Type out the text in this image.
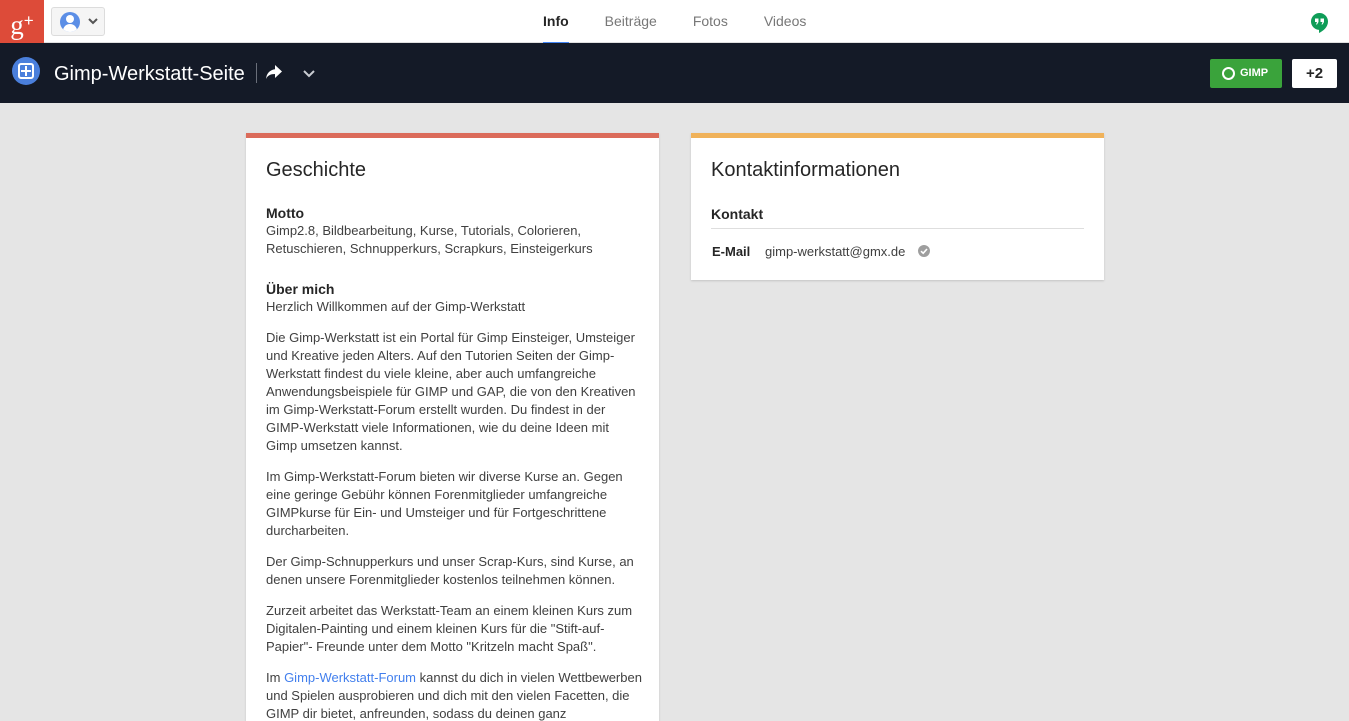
g+	Info	Beiträge	Fotos	Videos
Gimp-Werkstatt-Seite	GIMP	+2
Geschichte
Motto
Gimp2.8, Bildbearbeitung, Kurse, Tutorials, Colorieren, Retuschieren, Schnupperkurs, Scrapkurs, Einsteigerkurs
Über mich

Herzlich Willkommen auf der Gimp-Werkstatt

Die Gimp-Werkstatt ist ein Portal für Gimp Einsteiger, Umsteiger und Kreative jeden Alters. Auf den Tutorien Seiten der Gimp-Werkstatt findest du viele kleine, aber auch umfangreiche Anwendungsbeispiele für GIMP und GAP, die von den Kreativen im Gimp-Werkstatt-Forum erstellt wurden. Du findest in der GIMP-Werkstatt viele Informationen, wie du deine Ideen mit Gimp umsetzen kannst.

Im Gimp-Werkstatt-Forum bieten wir diverse Kurse an. Gegen eine geringe Gebühr können Forenmitglieder umfangreiche GIMPkurse für Ein- und Umsteiger und für Fortgeschrittene durcharbeiten.

Der Gimp-Schnupperkurs und unser Scrap-Kurs, sind Kurse, an denen unsere Forenmitglieder kostenlos teilnehmen können.

Zurzeit arbeitet das Werkstatt-Team an einem kleinen Kurs zum Digitalen-Painting und einem kleinen Kurs für die "Stift-auf-Papier"- Freunde unter dem Motto "Kritzeln macht Spaß".

Im Gimp-Werkstatt-Forum kannst du dich in vielen Wettbewerben und Spielen ausprobieren und dich mit den vielen Facetten, die GIMP dir bietet, anfreunden, sodass du deinen ganz

Kontaktinformationen
Kontakt
E-Mail gimp-werkstatt@gmx.de
